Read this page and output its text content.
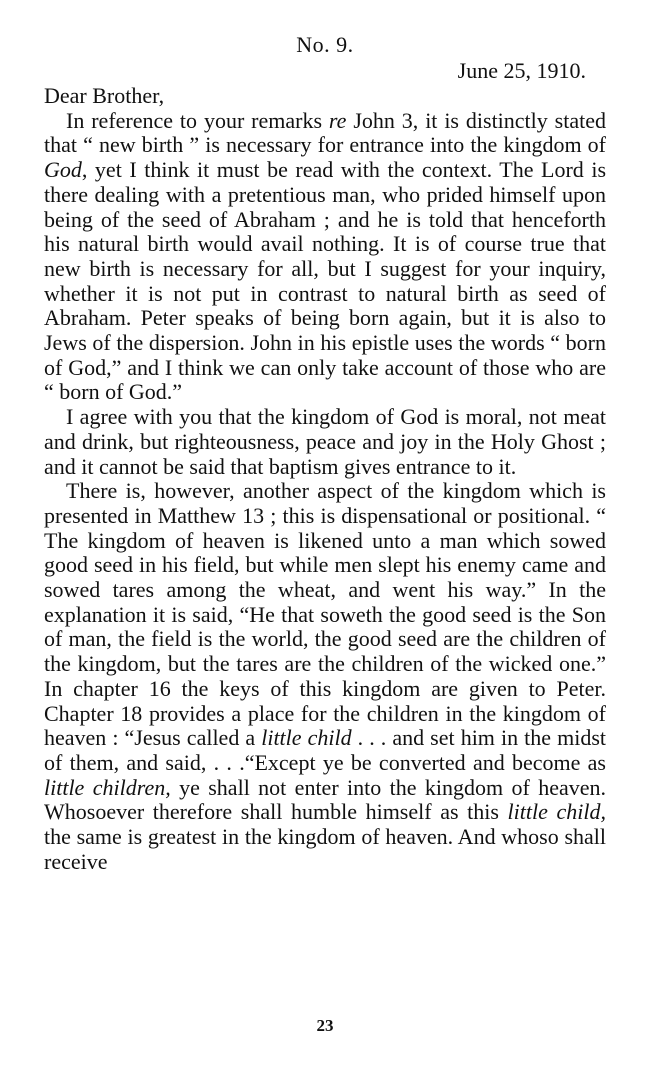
No. 9.
June 25, 1910.

Dear Brother,

In reference to your remarks re John 3, it is distinctly stated that “ new birth ” is necessary for entrance into the kingdom of God, yet I think it must be read with the context. The Lord is there dealing with a pretentious man, who prided himself upon being of the seed of Abraham ; and he is told that henceforth his natural birth would avail nothing. It is of course true that new birth is necessary for all, but I suggest for your inquiry, whether it is not put in contrast to natural birth as seed of Abraham. Peter speaks of being born again, but it is also to Jews of the dispersion. John in his epistle uses the words “ born of God,” and I think we can only take account of those who are “ born of God.”

I agree with you that the kingdom of God is moral, not meat and drink, but righteousness, peace and joy in the Holy Ghost ; and it cannot be said that baptism gives entrance to it.

There is, however, another aspect of the kingdom which is presented in Matthew 13 ; this is dispensational or positional. “ The kingdom of heaven is likened unto a man which sowed good seed in his field, but while men slept his enemy came and sowed tares among the wheat, and went his way.” In the explanation it is said, “He that soweth the good seed is the Son of man, the field is the world, the good seed are the children of the kingdom, but the tares are the children of the wicked one.” In chapter 16 the keys of this kingdom are given to Peter. Chapter 18 provides a place for the children in the kingdom of heaven : “Jesus called a little child . . . and set him in the midst of them, and said, . . .“Except ye be converted and become as little children, ye shall not enter into the kingdom of heaven. Whosoever therefore shall humble himself as this little child, the same is greatest in the kingdom of heaven. And whoso shall receive

23
